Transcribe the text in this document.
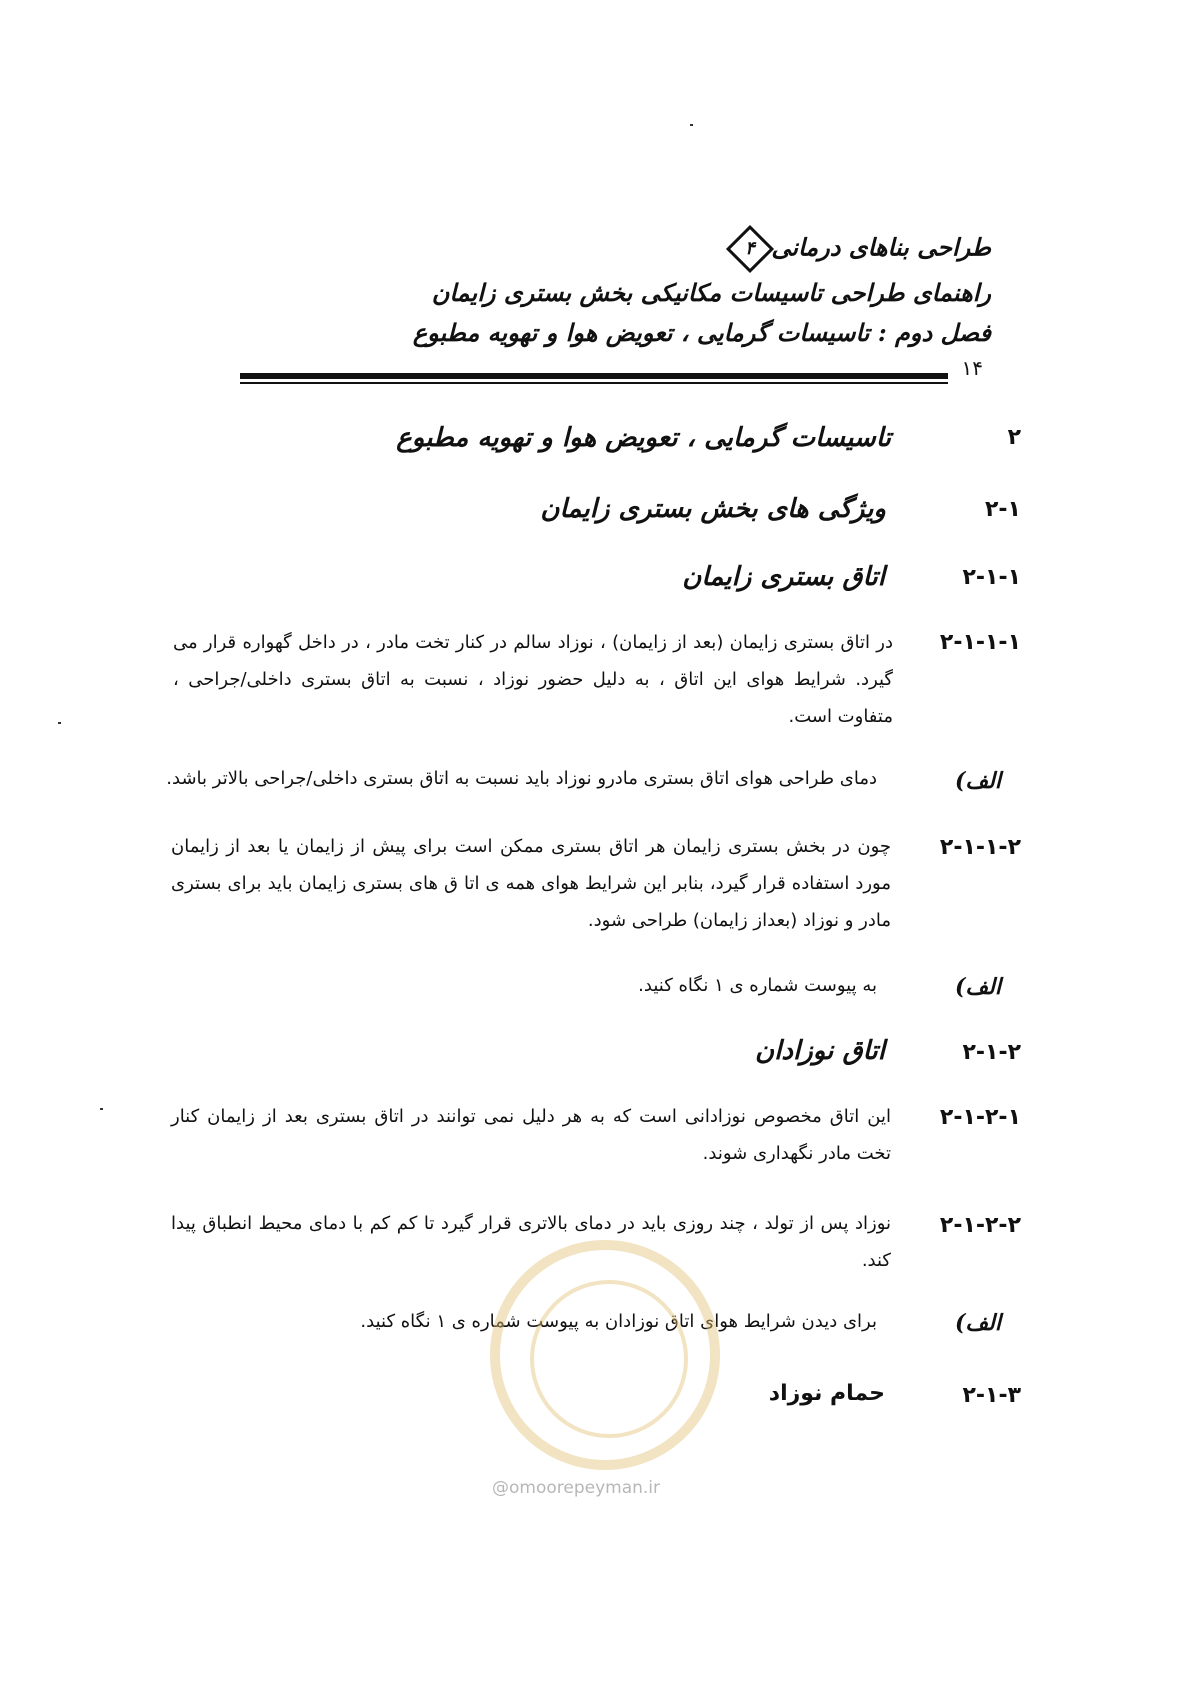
طراحی بناهای درمانی
۴
راهنمای طراحی تاسیسات مکانیکی بخش بستری زایمان
فصل دوم : تاسیسات گرمایی ، تعویض هوا و تهویه مطبوع
۱۴
۲
تاسیسات گرمایی ، تعویض هوا و تهویه مطبوع
۲-۱
ویژگی های بخش بستری زایمان
۲-۱-۱
اتاق بستری زایمان
۲-۱-۱-۱
در اتاق بستری زایمان (بعد از زایمان) ، نوزاد سالم در کنار تخت مادر ، در داخل گهواره قرار می گیرد. شرایط هوای این اتاق ، به دلیل حضور نوزاد ، نسبت به اتاق بستری داخلی/جراحی ، متفاوت است.
الف)
دمای طراحی هوای اتاق بستری مادرو نوزاد باید نسبت به اتاق بستری داخلی/جراحی بالاتر باشد.
۲-۱-۱-۲
چون در بخش بستری زایمان هر اتاق بستری ممکن است برای پیش از زایمان یا بعد از زایمان مورد استفاده قرار گیرد، بنابر این شرایط هوای همه ی اتا ق های بستری زایمان باید برای بستری مادر و نوزاد (بعداز زایمان) طراحی شود.
الف)
به پیوست شماره ی ۱ نگاه کنید.
۲-۱-۲
اتاق نوزادان
۲-۱-۲-۱
این اتاق مخصوص نوزادانی است که به هر دلیل نمی توانند در اتاق بستری بعد از زایمان کنار تخت مادر نگهداری شوند.
۲-۱-۲-۲
نوزاد پس از تولد ، چند روزی باید در دمای بالاتری قرار گیرد تا کم کم با دمای محیط انطباق پیدا کند.
الف)
برای دیدن شرایط هوای اتاق نوزادان به پیوست شماره ی ۱ نگاه کنید.
۲-۱-۳
حمام نوزاد
@omoorepeyman.ir
